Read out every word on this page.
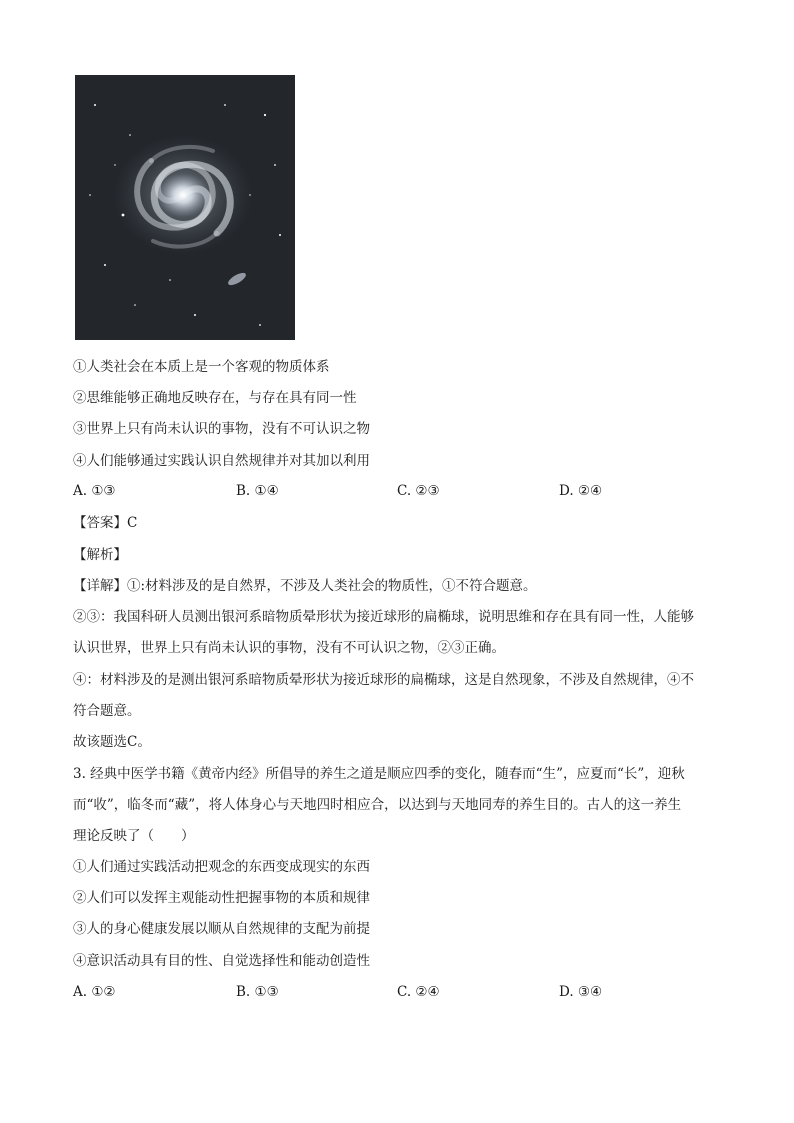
①人类社会在本质上是一个客观的物质体系
②思维能够正确地反映存在，与存在具有同一性
③世界上只有尚未认识的事物，没有不可认识之物
④人们能够通过实践认识自然规律并对其加以利用
A. ①③	B. ①④	C. ②③	D. ②④
【答案】C
【解析】
【详解】①:材料涉及的是自然界，不涉及人类社会的物质性，①不符合题意。
②③：我国科研人员测出银河系暗物质晕形状为接近球形的扁椭球，说明思维和存在具有同一性，人能够
认识世界，世界上只有尚未认识的事物，没有不可认识之物，②③正确。
④：材料涉及的是测出银河系暗物质晕形状为接近球形的扁椭球，这是自然现象，不涉及自然规律，④不
符合题意。
故该题选C。
3. 经典中医学书籍《黄帝内经》所倡导的养生之道是顺应四季的变化，随春而“生”，应夏而“长”，迎秋
而“收”，临冬而“藏”，将人体身心与天地四时相应合，以达到与天地同寿的养生目的。古人的这一养生
理论反映了（　　）
①人们通过实践活动把观念的东西变成现实的东西
②人们可以发挥主观能动性把握事物的本质和规律
③人的身心健康发展以顺从自然规律的支配为前提
④意识活动具有目的性、自觉选择性和能动创造性
A. ①②	B. ①③	C. ②④	D. ③④
